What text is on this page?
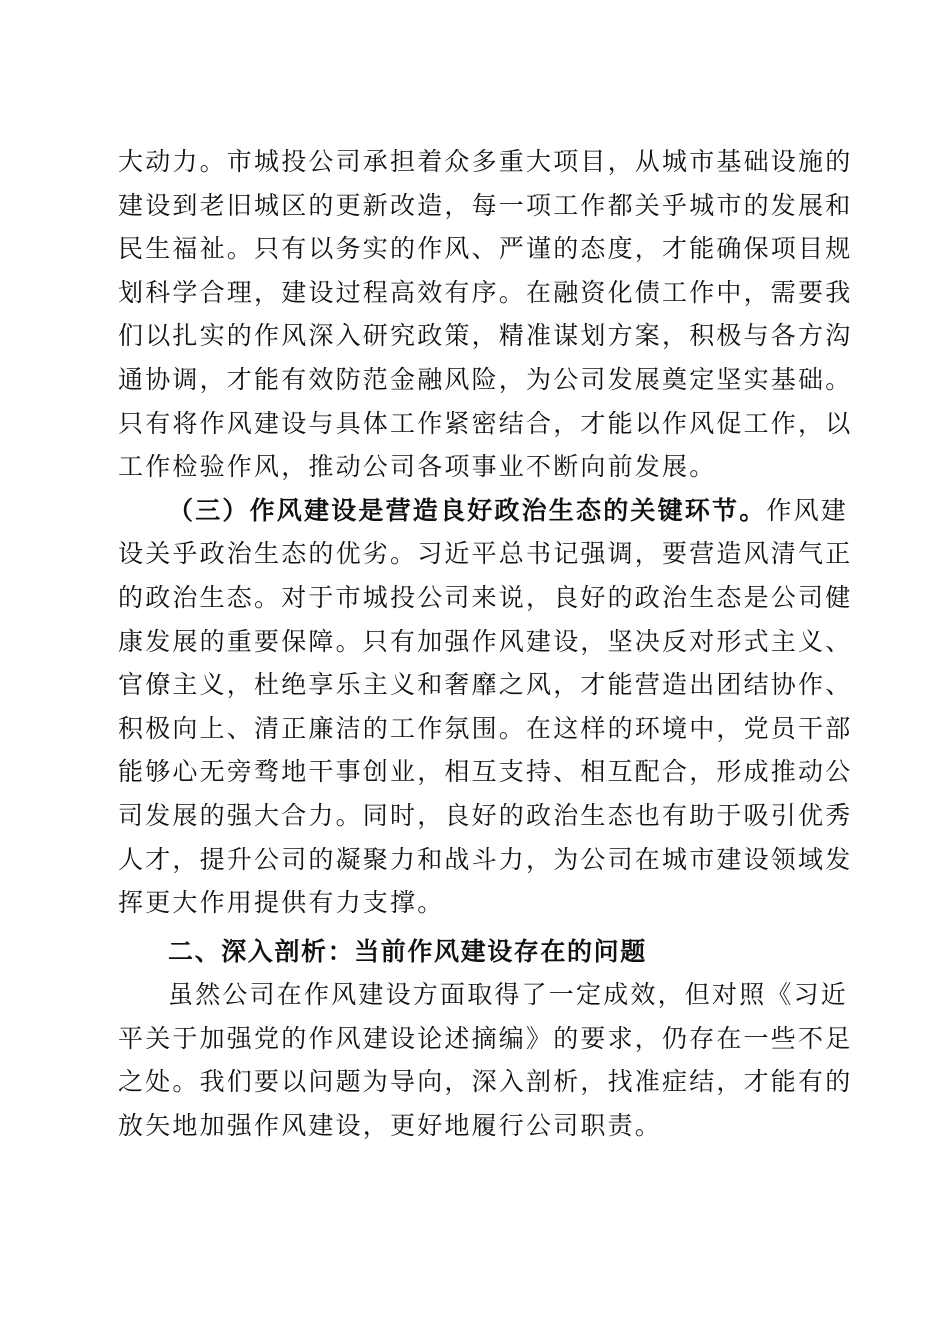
大动力。市城投公司承担着众多重大项目，从城市基础设施的
建设到老旧城区的更新改造，每一项工作都关乎城市的发展和
民生福祉。只有以务实的作风、严谨的态度，才能确保项目规
划科学合理，建设过程高效有序。在融资化债工作中，需要我
们以扎实的作风深入研究政策，精准谋划方案，积极与各方沟
通协调，才能有效防范金融风险，为公司发展奠定坚实基础。
只有将作风建设与具体工作紧密结合，才能以作风促工作，以
工作检验作风，推动公司各项事业不断向前发展。
（三）作风建设是营造良好政治生态的关键环节。作风建
设关乎政治生态的优劣。习近平总书记强调，要营造风清气正
的政治生态。对于市城投公司来说，良好的政治生态是公司健
康发展的重要保障。只有加强作风建设，坚决反对形式主义、
官僚主义，杜绝享乐主义和奢靡之风，才能营造出团结协作、
积极向上、清正廉洁的工作氛围。在这样的环境中，党员干部
能够心无旁骛地干事创业，相互支持、相互配合，形成推动公
司发展的强大合力。同时，良好的政治生态也有助于吸引优秀
人才，提升公司的凝聚力和战斗力，为公司在城市建设领域发
挥更大作用提供有力支撑。
二、深入剖析：当前作风建设存在的问题
虽然公司在作风建设方面取得了一定成效，但对照《习近
平关于加强党的作风建设论述摘编》的要求，仍存在一些不足
之处。我们要以问题为导向，深入剖析，找准症结，才能有的
放矢地加强作风建设，更好地履行公司职责。
